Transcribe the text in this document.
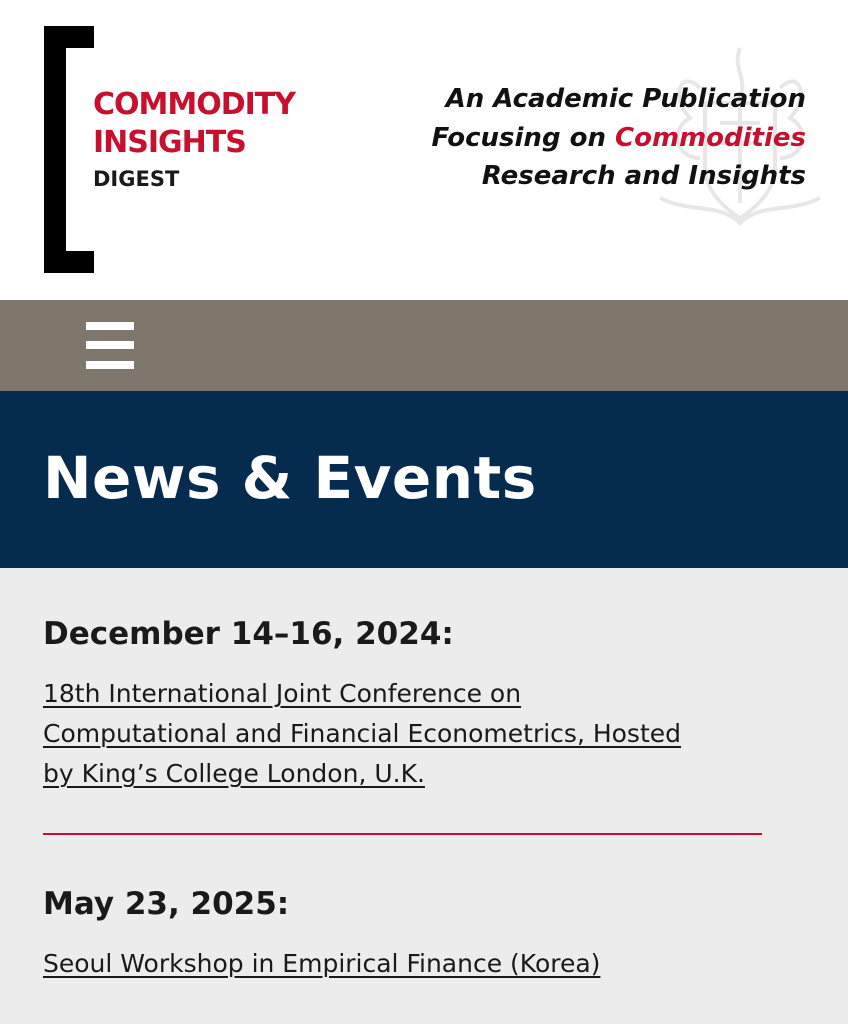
COMMODITY
INSIGHTS
DIGEST
An Academic Publication
Focusing on Commodities
Research and Insights
News & Events
December 14–16, 2024:
18th International Joint Conference on
Computational and Financial Econometrics, Hosted
by King’s College London, U.K.
May 23, 2025:
Seoul Workshop in Empirical Finance (Korea)
